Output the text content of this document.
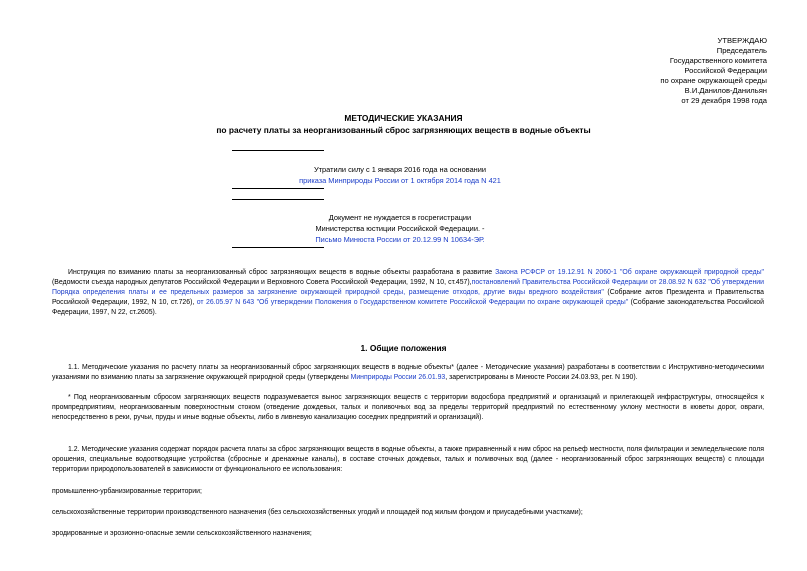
УТВЕРЖДАЮ
Председатель
Государственного комитета
Российской Федерации
по охране окружающей среды
В.И.Данилов-Данильян
от 29 декабря 1998 года
МЕТОДИЧЕСКИЕ УКАЗАНИЯ
по расчету платы за неорганизованный сброс загрязняющих веществ в водные объекты
Утратили силу с 1 января 2016 года на основании
приказа Минприроды России от 1 октября 2014 года N 421
Документ не нуждается в госрегистрации
Министерства юстиции Российской Федерации. -
Письмо Минюста России от 20.12.99 N 10634-ЭР.
Инструкция по взиманию платы за неорганизованный сброс загрязняющих веществ в водные объекты разработана в развитие Закона РСФСР от 19.12.91 N 2060-1 "Об охране окружающей природной среды" (Ведомости съезда народных депутатов Российской Федерации и Верховного Совета Российской Федерации, 1992, N 10, ст.457),постановлений Правительства Российской Федерации от 28.08.92 N 632 "Об утверждении Порядка определения платы и ее предельных размеров за загрязнение окружающей природной среды, размещение отходов, другие виды вредного воздействия" (Собрание актов Президента и Правительства Российской Федерации, 1992, N 10, ст.726), от 26.05.97 N 643 "Об утверждении Положения о Государственном комитете Российской Федерации по охране окружающей среды" (Собрание законодательства Российской Федерации, 1997, N 22, ст.2605).
1. Общие положения
1.1. Методические указания по расчету платы за неорганизованный сброс загрязняющих веществ в водные объекты* (далее - Методические указания) разработаны в соответствии с Инструктивно-методическими указаниями по взиманию платы за загрязнение окружающей природной среды (утверждены Минприроды России 26.01.93, зарегистрированы в Минюсте России 24.03.93, рег. N 190).
* Под неорганизованным сбросом загрязняющих веществ подразумевается вынос загрязняющих веществ с территории водосбора предприятий и организаций и прилегающей инфраструктуры, относящейся к промпредприятиям, неорганизованным поверхностным стоком (отведение дождевых, талых и поливочных вод за пределы территорий предприятий по естественному уклону местности в кюветы дорог, овраги, непосредственно в реки, ручьи, пруды и иные водные объекты, либо в ливневую канализацию соседних предприятий и организаций).
1.2. Методические указания содержат порядок расчета платы за сброс загрязняющих веществ в водные объекты, а также приравненный к ним сброс на рельеф местности, поля фильтрации и земледельческие поля орошения, специальные водоотводящие устройства (сбросные и дренажные каналы), в составе сточных дождевых, талых и поливочных вод (далее - неорганизованный сброс загрязняющих веществ) с площади территории природопользователей в зависимости от функционального ее использования:
промышленно-урбанизированные территории;
сельскохозяйственные территории производственного назначения (без сельскохозяйственных угодий и площадей под жилым фондом и приусадебными участками);
эродированные и эрозионно-опасные земли сельскохозяйственного назначения;
